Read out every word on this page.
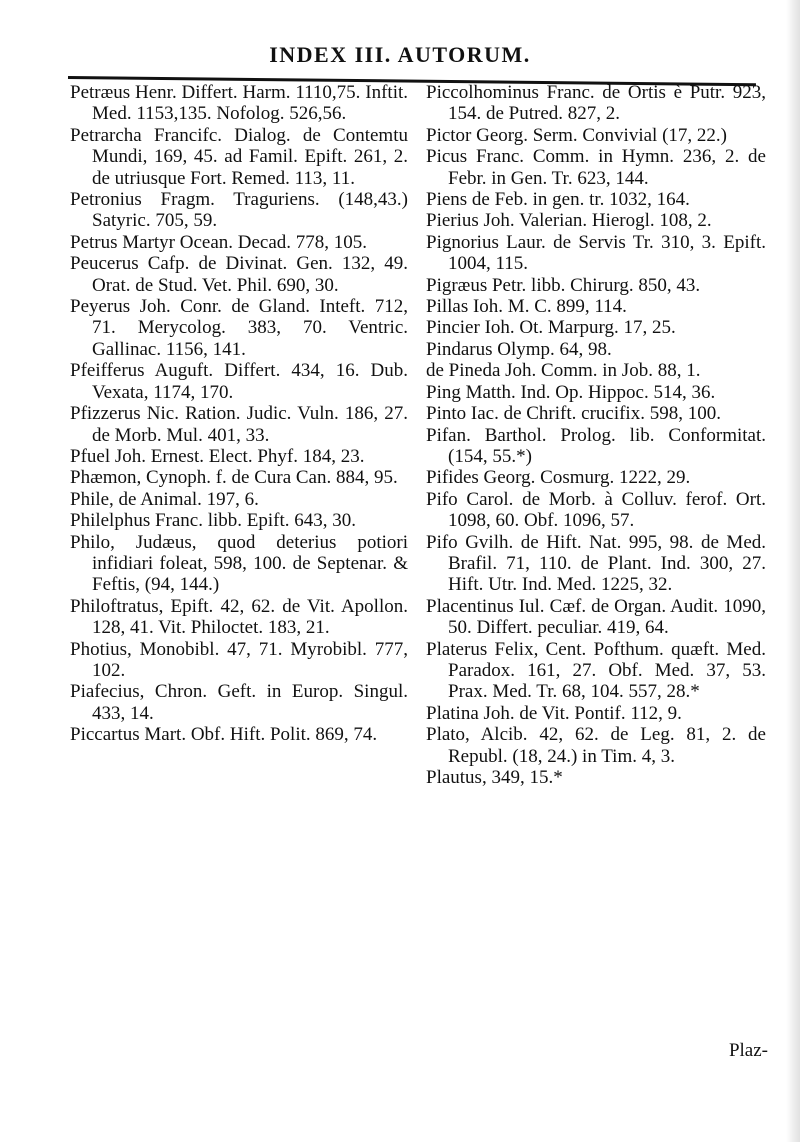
INDEX III. AUTORUM.

Petræus Henr. Differt. Harm. 1110,75. Inftit. Med. 1153,135. Nofolog. 526,56.

Petrarcha Francifc. Dialog. de Contemtu Mundi, 169, 45. ad Famil. Epift. 261, 2. de utriusque Fort. Remed. 113, 11.

Petronius Fragm. Traguriens. (148,43.) Satyric. 705, 59.

Petrus Martyr Ocean. Decad. 778, 105.

Peucerus Cafp. de Divinat. Gen. 132, 49. Orat. de Stud. Vet. Phil. 690, 30.

Peyerus Joh. Conr. de Gland. Inteft. 712, 71. Merycolog. 383, 70. Ventric. Gallinac. 1156, 141.

Pfeifferus Auguft. Differt. 434, 16. Dub. Vexata, 1174, 170.

Pfizzerus Nic. Ration. Judic. Vuln. 186, 27. de Morb. Mul. 401, 33.

Pfuel Joh. Ernest. Elect. Phyf. 184, 23.

Phæmon, Cynoph. f. de Cura Can. 884, 95.

Phile, de Animal. 197, 6.

Philelphus Franc. libb. Epift. 643, 30.

Philo, Judæus, quod deterius potiori infidiari foleat, 598, 100. de Septenar. & Feftis, (94, 144.)

Philoftratus, Epift. 42, 62. de Vit. Apollon. 128, 41. Vit. Philoctet. 183, 21.

Photius, Monobibl. 47, 71. Myrobibl. 777, 102.

Piafecius, Chron. Geft. in Europ. Singul. 433, 14.

Piccartus Mart. Obf. Hift. Polit. 869, 74.

Piccolhominus Franc. de Ortis è Putr. 923, 154. de Putred. 827, 2.

Pictor Georg. Serm. Convivial (17, 22.)

Picus Franc. Comm. in Hymn. 236, 2. de Febr. in Gen. Tr. 623, 144.

Piens de Feb. in gen. tr. 1032, 164.

Pierius Joh. Valerian. Hierogl. 108, 2.

Pignorius Laur. de Servis Tr. 310, 3. Epift. 1004, 115.

Pigræus Petr. libb. Chirurg. 850, 43.

Pillas Ioh. M. C. 899, 114.

Pincier Ioh. Ot. Marpurg. 17, 25.

Pindarus Olymp. 64, 98.

de Pineda Joh. Comm. in Job. 88, 1.

Ping Matth. Ind. Op. Hippoc. 514, 36.

Pinto Iac. de Chrift. crucifix. 598, 100.

Pifan. Barthol. Prolog. lib. Conformitat. (154, 55.*)

Pifides Georg. Cosmurg. 1222, 29.

Pifo Carol. de Morb. à Colluv. ferof. Ort. 1098, 60. Obf. 1096, 57.

Pifo Gvilh. de Hift. Nat. 995, 98. de Med. Brafil. 71, 110. de Plant. Ind. 300, 27. Hift. Utr. Ind. Med. 1225, 32.

Placentinus Iul. Cæf. de Organ. Audit. 1090, 50. Differt. peculiar. 419, 64.

Platerus Felix, Cent. Pofthum. quæft. Med. Paradox. 161, 27. Obf. Med. 37, 53. Prax. Med. Tr. 68, 104. 557, 28.*

Platina Joh. de Vit. Pontif. 112, 9.

Plato, Alcib. 42, 62. de Leg. 81, 2. de Republ. (18, 24.) in Tim. 4, 3.

Plautus, 349, 15.*

Plaz-
